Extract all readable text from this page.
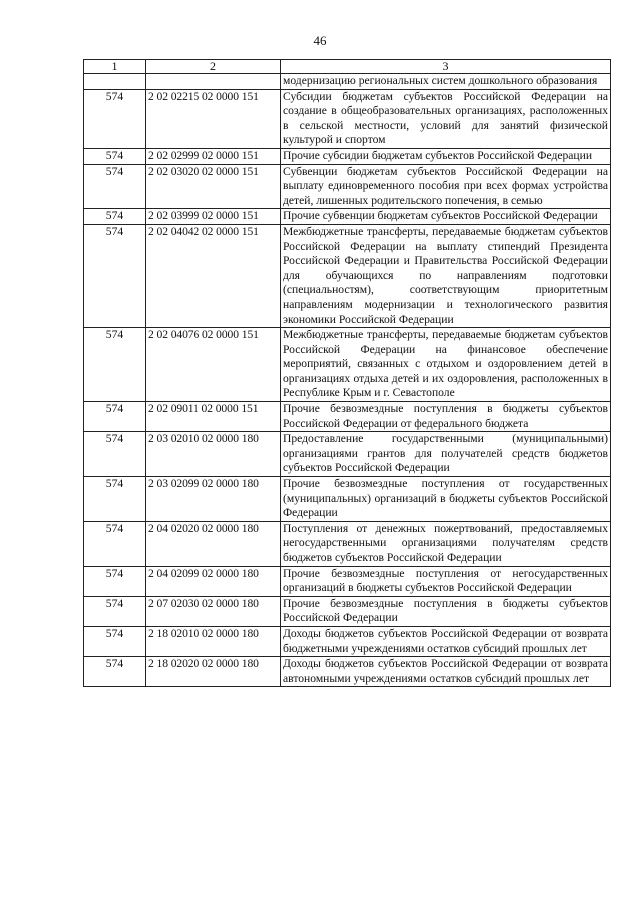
46
1	2	3
		модернизацию региональных систем дошкольного образования
574	2 02 02215 02 0000 151	Субсидии бюджетам субъектов Российской Федерации на создание в общеобразовательных организациях, расположенных в сельской местности, условий для занятий физической культурой и спортом
574	2 02 02999 02 0000 151	Прочие субсидии бюджетам субъектов Российской Федерации
574	2 02 03020 02 0000 151	Субвенции бюджетам субъектов Российской Федерации на выплату единовременного пособия при всех формах устройства детей, лишенных родительского попечения, в семью
574	2 02 03999 02 0000 151	Прочие субвенции бюджетам субъектов Российской Федерации
574	2 02 04042 02 0000 151	Межбюджетные трансферты, передаваемые бюджетам субъектов Российской Федерации на выплату стипендий Президента Российской Федерации и Правительства Российской Федерации для обучающихся по направлениям подготовки (специальностям), соответствующим приоритетным направлениям модернизации и технологического развития экономики Российской Федерации
574	2 02 04076 02 0000 151	Межбюджетные трансферты, передаваемые бюджетам субъектов Российской Федерации на финансовое обеспечение мероприятий, связанных с отдыхом и оздоровлением детей в организациях отдыха детей и их оздоровления, расположенных в Республике Крым и г. Севастополе
574	2 02 09011 02 0000 151	Прочие безвозмездные поступления в бюджеты субъектов Российской Федерации от федерального бюджета
574	2 03 02010 02 0000 180	Предоставление государственными (муниципальными) организациями грантов для получателей средств бюджетов субъектов Российской Федерации
574	2 03 02099 02 0000 180	Прочие безвозмездные поступления от государственных (муниципальных) организаций в бюджеты субъектов Российской Федерации
574	2 04 02020 02 0000 180	Поступления от денежных пожертвований, предоставляемых негосударственными организациями получателям средств бюджетов субъектов Российской Федерации
574	2 04 02099 02 0000 180	Прочие безвозмездные поступления от негосударственных организаций в бюджеты субъектов Российской Федерации
574	2 07 02030 02 0000 180	Прочие безвозмездные поступления в бюджеты субъектов Российской Федерации
574	2 18 02010 02 0000 180	Доходы бюджетов субъектов Российской Федерации от возврата бюджетными учреждениями остатков субсидий прошлых лет
574	2 18 02020 02 0000 180	Доходы бюджетов субъектов Российской Федерации от возврата автономными учреждениями остатков субсидий прошлых лет
